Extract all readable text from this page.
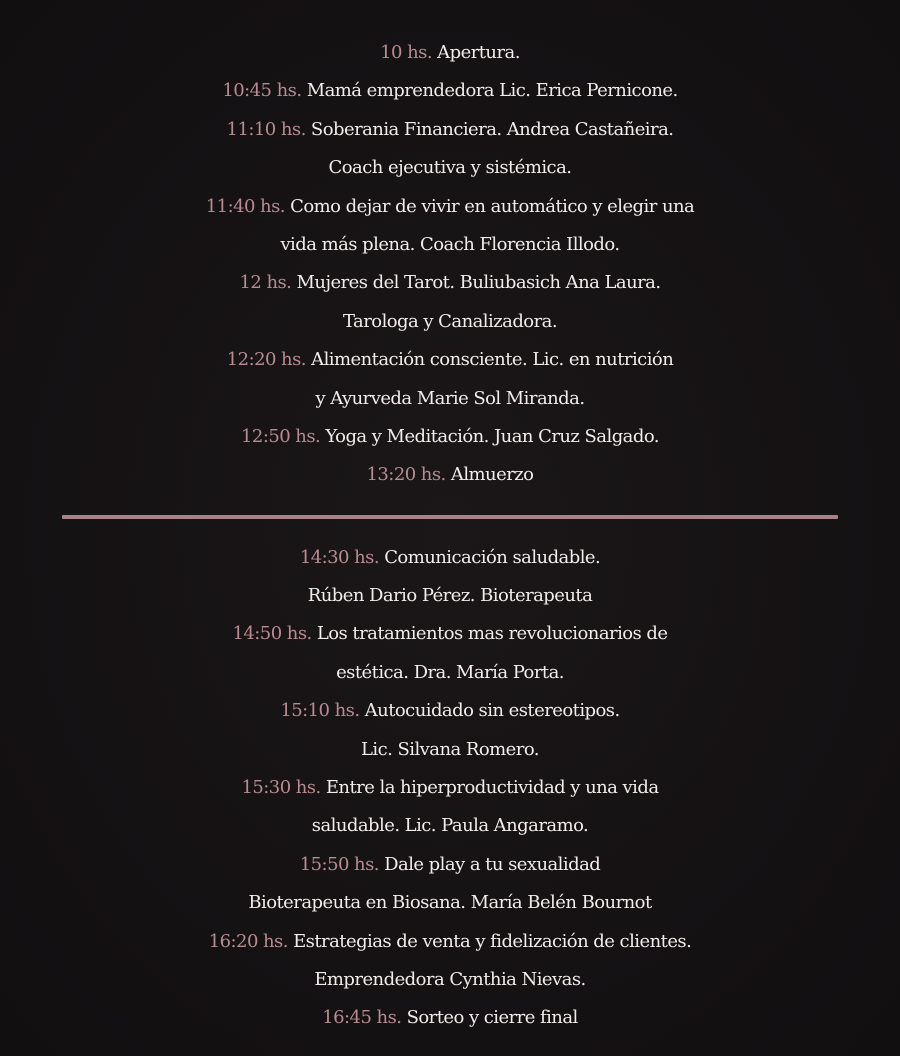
10 hs. Apertura.
10:45 hs. Mamá emprendedora Lic. Erica Pernicone.
11:10 hs. Soberania Financiera. Andrea Castañeira.
Coach ejecutiva y sistémica.
11:40 hs. Como dejar de vivir en automático y elegir una
vida más plena. Coach Florencia Illodo.
12 hs. Mujeres del Tarot. Buliubasich Ana Laura.
Tarologa y Canalizadora.
12:20 hs. Alimentación consciente. Lic. en nutrición
y Ayurveda Marie Sol Miranda.
12:50 hs. Yoga y Meditación. Juan Cruz Salgado.
13:20 hs. Almuerzo
14:30 hs. Comunicación saludable.
Rúben Dario Pérez. Bioterapeuta
14:50 hs. Los tratamientos mas revolucionarios de
estética. Dra. María Porta.
15:10 hs. Autocuidado sin estereotipos.
Lic. Silvana Romero.
15:30 hs. Entre la hiperproductividad y una vida
saludable. Lic. Paula Angaramo.
15:50 hs. Dale play a tu sexualidad
Bioterapeuta en Biosana. María Belén Bournot
16:20 hs. Estrategias de venta y fidelización de clientes.
Emprendedora Cynthia Nievas.
16:45 hs. Sorteo y cierre final
